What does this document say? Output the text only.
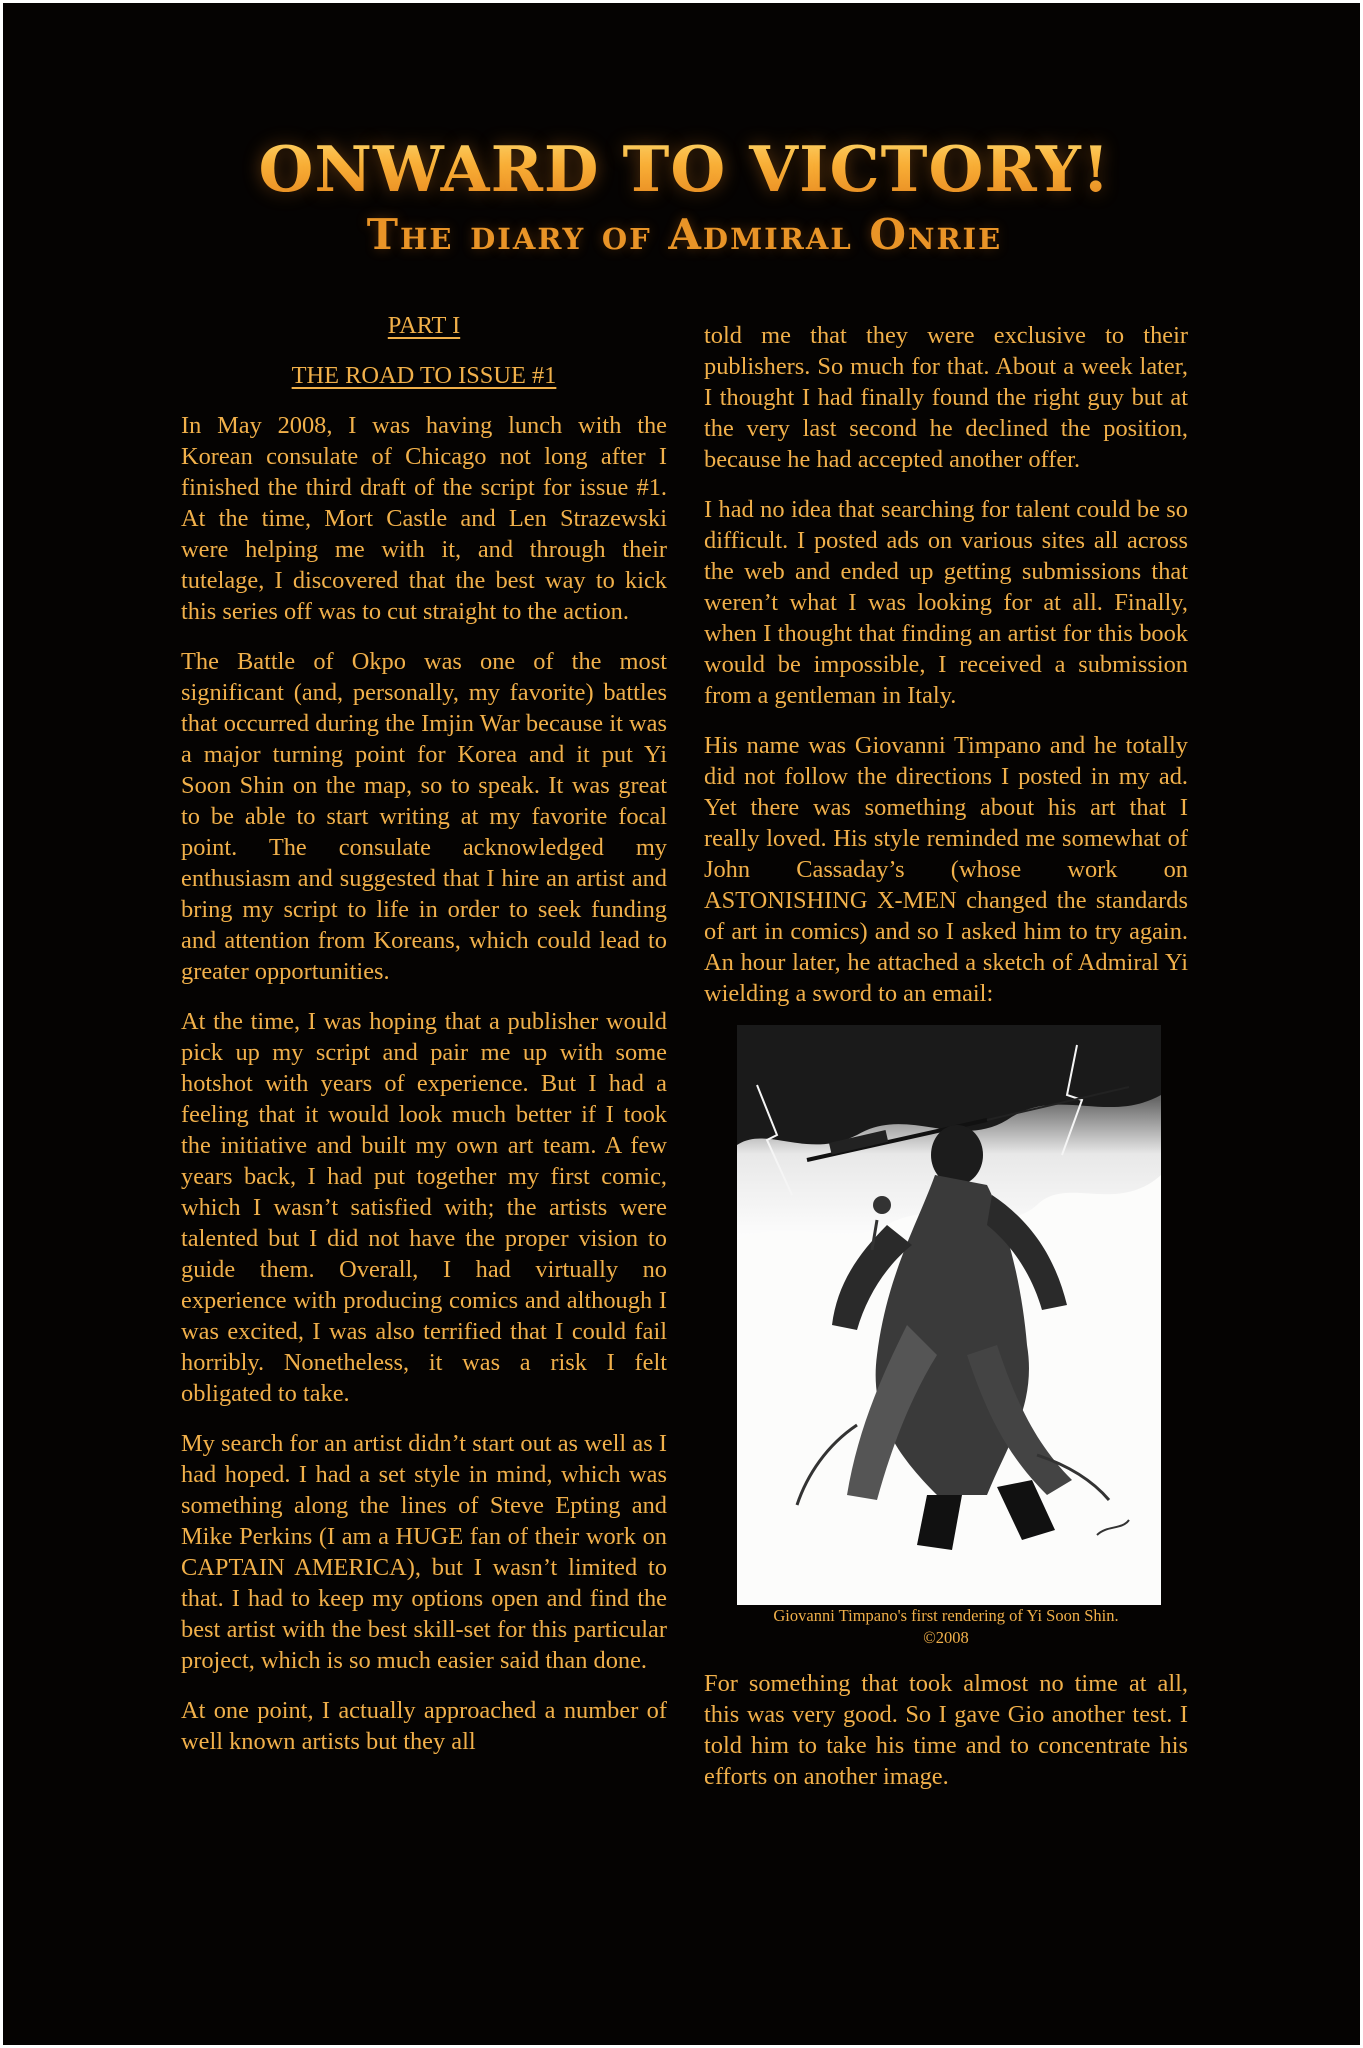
ONWARD TO VICTORY!
The diary of Admiral Onrie

PART I

THE ROAD TO ISSUE #1

In May 2008, I was having lunch with the Korean consulate of Chicago not long after I finished the third draft of the script for issue #1. At the time, Mort Castle and Len Strazewski were helping me with it, and through their tutelage, I discovered that the best way to kick this series off was to cut straight to the action.

The Battle of Okpo was one of the most significant (and, personally, my favorite) battles that occurred during the Imjin War because it was a major turning point for Korea and it put Yi Soon Shin on the map, so to speak. It was great to be able to start writing at my favorite focal point. The consulate acknowledged my enthusiasm and suggested that I hire an artist and bring my script to life in order to seek funding and attention from Koreans, which could lead to greater opportunities.

At the time, I was hoping that a publisher would pick up my script and pair me up with some hotshot with years of experience. But I had a feeling that it would look much better if I took the initiative and built my own art team. A few years back, I had put together my first comic, which I wasn’t satisfied with; the artists were talented but I did not have the proper vision to guide them. Overall, I had virtually no experience with producing comics and although I was excited, I was also terrified that I could fail horribly. Nonetheless, it was a risk I felt obligated to take.

My search for an artist didn’t start out as well as I had hoped. I had a set style in mind, which was something along the lines of Steve Epting and Mike Perkins (I am a HUGE fan of their work on CAPTAIN AMERICA), but I wasn’t limited to that. I had to keep my options open and find the best artist with the best skill-set for this particular project, which is so much easier said than done.

At one point, I actually approached a number of well known artists but they all

told me that they were exclusive to their publishers. So much for that. About a week later, I thought I had finally found the right guy but at the very last second he declined the position, because he had accepted another offer.

I had no idea that searching for talent could be so difficult. I posted ads on various sites all across the web and ended up getting submissions that weren’t what I was looking for at all. Finally, when I thought that finding an artist for this book would be impossible, I received a submission from a gentleman in Italy.

His name was Giovanni Timpano and he totally did not follow the directions I posted in my ad. Yet there was something about his art that I really loved. His style reminded me somewhat of John Cassaday’s (whose work on ASTONISHING X-MEN changed the standards of art in comics) and so I asked him to try again. An hour later, he attached a sketch of Admiral Yi wielding a sword to an email:

Giovanni Timpano's first rendering of Yi Soon Shin.
©2008

For something that took almost no time at all, this was very good. So I gave Gio another test. I told him to take his time and to concentrate his efforts on another image.
